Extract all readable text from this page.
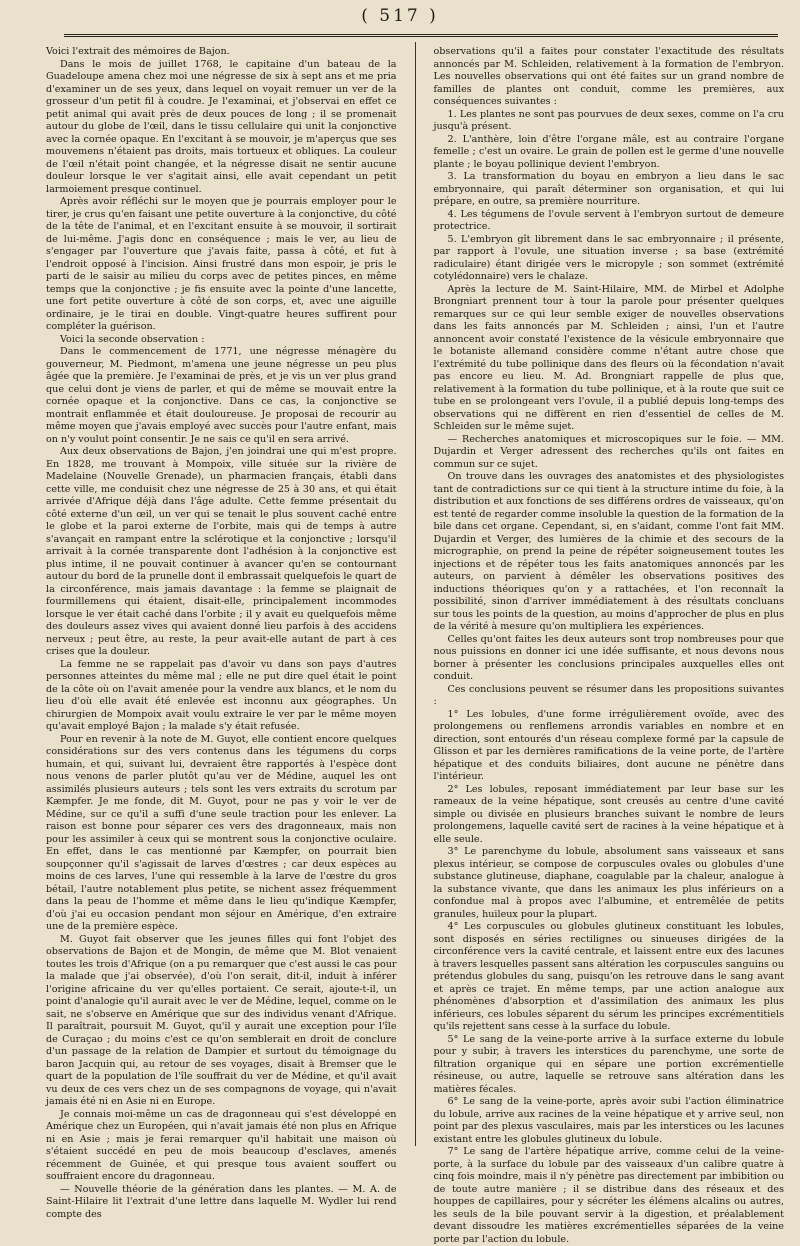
( 517 )

Voici l'extrait des mémoires de Bajon.

Dans le mois de juillet 1768, le capitaine d'un bateau de la Guadeloupe amena chez moi une négresse de six à sept ans et me pria d'examiner un de ses yeux, dans lequel on voyait remuer un ver de la grosseur d'un petit fil à coudre. Je l'examinai, et j'observai en effet ce petit animal qui avait près de deux pouces de long ; il se promenait autour du globe de l'œil, dans le tissu cellulaire qui unit la conjonctive avec la cornée opaque. En l'excitant à se mouvoir, je m'aperçus que ses mouvemens n'étaient pas droits, mais tortueux et obliques. La couleur de l'œil n'était point changée, et la négresse disait ne sentir aucune douleur lorsque le ver s'agitait ainsi, elle avait cependant un petit larmoiement presque continuel.

Après avoir réfléchi sur le moyen que je pourrais employer pour le tirer, je crus qu'en faisant une petite ouverture à la conjonctive, du côté de la tête de l'animal, et en l'excitant ensuite à se mouvoir, il sortirait de lui-même. J'agis donc en conséquence ; mais le ver, au lieu de s'engager par l'ouverture que j'avais faite, passa à côté, et fut à l'endroit opposé à l'incision. Ainsi frustré dans mon espoir, je pris le parti de le saisir au milieu du corps avec de petites pinces, en même temps que la conjonctive ; je fis ensuite avec la pointe d'une lancette, une fort petite ouverture à côté de son corps, et, avec une aiguille ordinaire, je le tirai en double. Vingt-quatre heures suffirent pour compléter la guérison.

Voici la seconde observation :

Dans le commencement de 1771, une négresse ménagère du gouverneur, M. Piedmont, m'amena une jeune négresse un peu plus âgée que la première. Je l'examinai de près, et je vis un ver plus grand que celui dont je viens de parler, et qui de même se mouvait entre la cornée opaque et la conjonctive. Dans ce cas, la conjonctive se montrait enflammée et était douloureuse. Je proposai de recourir au même moyen que j'avais employé avec succès pour l'autre enfant, mais on n'y voulut point consentir. Je ne sais ce qu'il en sera arrivé.

Aux deux observations de Bajon, j'en joindrai une qui m'est propre. En 1828, me trouvant à Mompoix, ville située sur la rivière de Madelaine (Nouvelle Grenade), un pharmacien français, établi dans cette ville, me conduisit chez une négresse de 25 à 30 ans, et qui était arrivée d'Afrique déjà dans l'âge adulte. Cette femme présentait du côté externe d'un œil, un ver qui se tenait le plus souvent caché entre le globe et la paroi externe de l'orbite, mais qui de temps à autre s'avançait en rampant entre la sclérotique et la conjonctive ; lorsqu'il arrivait à la cornée transparente dont l'adhésion à la conjonctive est plus intime, il ne pouvait continuer à avancer qu'en se contournant autour du bord de la prunelle dont il embrassait quelquefois le quart de la circonférence, mais jamais davantage : la femme se plaignait de fourmillemens qui étaient, disait-elle, principalement incommodes lorsque le ver était caché dans l'orbite ; il y avait eu quelquefois même des douleurs assez vives qui avaient donné lieu parfois à des accidens nerveux ; peut être, au reste, la peur avait-elle autant de part à ces crises que la douleur.

La femme ne se rappelait pas d'avoir vu dans son pays d'autres personnes atteintes du même mal ; elle ne put dire quel était le point de la côte où on l'avait amenée pour la vendre aux blancs, et le nom du lieu d'où elle avait été enlevée est inconnu aux géographes. Un chirurgien de Mompoix avait voulu extraire le ver par le même moyen qu'avait employé Bajon ; la malade s'y était refusée.

Pour en revenir à la note de M. Guyot, elle contient encore quelques considérations sur des vers contenus dans les tégumens du corps humain, et qui, suivant lui, devraient être rapportés à l'espèce dont nous venons de parler plutôt qu'au ver de Médine, auquel les ont assimilés plusieurs auteurs ; tels sont les vers extraits du scrotum par Kæmpfer. Je me fonde, dit M. Guyot, pour ne pas y voir le ver de Médine, sur ce qu'il a suffi d'une seule traction pour les enlever. La raison est bonne pour séparer ces vers des dragonneaux, mais non pour les assimiler à ceux qui se montrent sous la conjonctive oculaire. En effet, dans le cas mentionné par Kæmpfer, on pourrait bien soupçonner qu'il s'agissait de larves d'œstres ; car deux espèces au moins de ces larves, l'une qui ressemble à la larve de l'œstre du gros bétail, l'autre notablement plus petite, se nichent assez fréquemment dans la peau de l'homme et même dans le lieu qu'indique Kæmpfer, d'où j'ai eu occasion pendant mon séjour en Amérique, d'en extraire une de la première espèce.

M. Guyot fait observer que les jeunes filles qui font l'objet des observations de Bajon et de Mongin, de même que M. Blot venaient toutes les trois d'Afrique (on a pu remarquer que c'est aussi le cas pour la malade que j'ai observée), d'où l'on serait, dit-il, induit à inférer l'origine africaine du ver qu'elles portaient. Ce serait, ajoute-t-il, un point d'analogie qu'il aurait avec le ver de Médine, lequel, comme on le sait, ne s'observe en Amérique que sur des individus venant d'Afrique. Il paraîtrait, poursuit M. Guyot, qu'il y aurait une exception pour l'île de Curaçao ; du moins c'est ce qu'on semblerait en droit de conclure d'un passage de la relation de Dampier et surtout du témoignage du baron Jacquin qui, au retour de ses voyages, disait à Bremser que le quart de la population de l'île souffrait du ver de Médine, et qu'il avait vu deux de ces vers chez un de ses compagnons de voyage, qui n'avait jamais été ni en Asie ni en Europe.

Je connais moi-même un cas de dragonneau qui s'est développé en Amérique chez un Européen, qui n'avait jamais été non plus en Afrique ni en Asie ; mais je ferai remarquer qu'il habitait une maison où s'étaient succédé en peu de mois beaucoup d'esclaves, amenés récemment de Guinée, et qui presque tous avaient souffert ou souffraient encore du dragonneau.

— Nouvelle théorie de la génération dans les plantes. — M. A. de Saint-Hilaire lit l'extrait d'une lettre dans laquelle M. Wydler lui rend compte des

observations qu'il a faites pour constater l'exactitude des résultats annoncés par M. Schleiden, relativement à la formation de l'embryon. Les nouvelles observations qui ont été faites sur un grand nombre de familles de plantes ont conduit, comme les premières, aux conséquences suivantes :

1. Les plantes ne sont pas pourvues de deux sexes, comme on l'a cru jusqu'à présent.

2. L'anthère, loin d'être l'organe mâle, est au contraire l'organe femelle ; c'est un ovaire. Le grain de pollen est le germe d'une nouvelle plante ; le boyau pollinique devient l'embryon.

3. La transformation du boyau en embryon a lieu dans le sac embryonnaire, qui paraît déterminer son organisation, et qui lui prépare, en outre, sa première nourriture.

4. Les tégumens de l'ovule servent à l'embryon surtout de demeure protectrice.

5. L'embryon gît librement dans le sac embryonnaire ; il présente, par rapport à l'ovule, une situation inverse ; sa base (extrémité radiculaire) étant dirigée vers le micropyle ; son sommet (extrémité cotylédonnaire) vers le chalaze.

Après la lecture de M. Saint-Hilaire, MM. de Mirbel et Adolphe Brongniart prennent tour à tour la parole pour présenter quelques remarques sur ce qui leur semble exiger de nouvelles observations dans les faits annoncés par M. Schleiden ; ainsi, l'un et l'autre annoncent avoir constaté l'existence de la vésicule embryonnaire que le botaniste allemand considère comme n'étant autre chose que l'extrémité du tube pollinique dans des fleurs où la fécondation n'avait pas encore eu lieu. M. Ad. Brongniart rappelle de plus que, relativement à la formation du tube pollinique, et à la route que suit ce tube en se prolongeant vers l'ovule, il a publié depuis long-temps des observations qui ne diffèrent en rien d'essentiel de celles de M. Schleiden sur le même sujet.

— Recherches anatomiques et microscopiques sur le foie. — MM. Dujardin et Verger adressent des recherches qu'ils ont faites en commun sur ce sujet.

On trouve dans les ouvrages des anatomistes et des physiologistes tant de contradictions sur ce qui tient à la structure intime du foie, à la distribution et aux fonctions de ses différens ordres de vaisseaux, qu'on est tenté de regarder comme insoluble la question de la formation de la bile dans cet organe. Cependant, si, en s'aidant, comme l'ont fait MM. Dujardin et Verger, des lumières de la chimie et des secours de la micrographie, on prend la peine de répéter soigneusement toutes les injections et de répéter tous les faits anatomiques annoncés par les auteurs, on parvient à démêler les observations positives des inductions théoriques qu'on y a rattachées, et l'on reconnaît la possibilité, sinon d'arriver immédiatement à des résultats concluans sur tous les points de la question, au moins d'approcher de plus en plus de la vérité à mesure qu'on multipliera les expériences.

Celles qu'ont faites les deux auteurs sont trop nombreuses pour que nous puissions en donner ici une idée suffisante, et nous devons nous borner à présenter les conclusions principales auxquelles elles ont conduit.

Ces conclusions peuvent se résumer dans les propositions suivantes :

1° Les lobules, d'une forme irrégulièrement ovoïde, avec des prolongemens ou renflemens arrondis variables en nombre et en direction, sont entourés d'un réseau complexe formé par la capsule de Glisson et par les dernières ramifications de la veine porte, de l'artère hépatique et des conduits biliaires, dont aucune ne pénètre dans l'intérieur.

2° Les lobules, reposant immédiatement par leur base sur les rameaux de la veine hépatique, sont creusés au centre d'une cavité simple ou divisée en plusieurs branches suivant le nombre de leurs prolongemens, laquelle cavité sert de racines à la veine hépatique et à elle seule.

3° Le parenchyme du lobule, absolument sans vaisseaux et sans plexus intérieur, se compose de corpuscules ovales ou globules d'une substance glutineuse, diaphane, coagulable par la chaleur, analogue à la substance vivante, que dans les animaux les plus inférieurs on a confondue mal à propos avec l'albumine, et entremêlée de petits granules, huileux pour la plupart.

4° Les corpuscules ou globules glutineux constituant les lobules, sont disposés en séries rectilignes ou sinueuses dirigées de la circonférence vers la cavité centrale, et laissent entre eux des lacunes à travers lesquelles passent sans altération les corpuscules sanguins ou prétendus globules du sang, puisqu'on les retrouve dans le sang avant et après ce trajet. En même temps, par une action analogue aux phénomènes d'absorption et d'assimilation des animaux les plus inférieurs, ces lobules séparent du sérum les principes excrémentitiels qu'ils rejettent sans cesse à la surface du lobule.

5° Le sang de la veine-porte arrive à la surface externe du lobule pour y subir, à travers les interstices du parenchyme, une sorte de filtration organique qui en sépare une portion excrémentielle résineuse, ou autre, laquelle se retrouve sans altération dans les matières fécales.

6° Le sang de la veine-porte, après avoir subi l'action éliminatrice du lobule, arrive aux racines de la veine hépatique et y arrive seul, non point par des plexus vasculaires, mais par les interstices ou les lacunes existant entre les globules glutineux du lobule.

7° Le sang de l'artère hépatique arrive, comme celui de la veine-porte, à la surface du lobule par des vaisseaux d'un calibre quatre à cinq fois moindre, mais il n'y pénètre pas directement par imbibition ou de toute autre manière ; il se distribue dans des réseaux et des houppes de capillaires, pour y sécréter les élémens alcalins ou autres, les seuls de la bile pouvant servir à la digestion, et préalablement devant dissoudre les matières excrémentielles séparées de la veine porte par l'action du lobule.
